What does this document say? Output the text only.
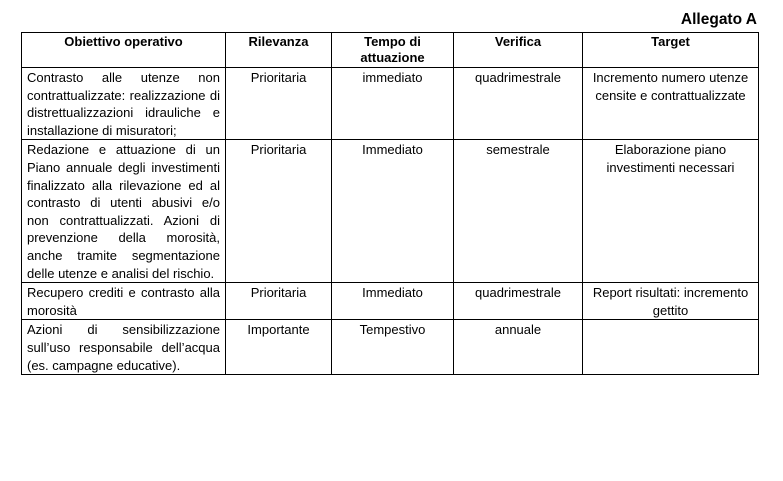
Allegato A
Obiettivo operativo	Rilevanza	Tempo di attuazione	Verifica	Target
Contrasto alle utenze non contrattualizzate: realizzazione di distrettualizzazioni idrauliche e installazione di misuratori;	Prioritaria	immediato	quadrimestrale	Incremento numero utenze censite e contrattualizzate
Redazione e attuazione di un Piano annuale degli investimenti finalizzato alla rilevazione ed al contrasto di utenti abusivi e/o non contrattualizzati. Azioni di prevenzione della morosità, anche tramite segmentazione delle utenze e analisi del rischio.	Prioritaria	Immediato	semestrale	Elaborazione piano investimenti necessari
Recupero crediti e contrasto alla morosità	Prioritaria	Immediato	quadrimestrale	Report risultati: incremento gettito
Azioni di sensibilizzazione sull’uso responsabile dell’acqua (es. campagne educative).	Importante	Tempestivo	annuale	
